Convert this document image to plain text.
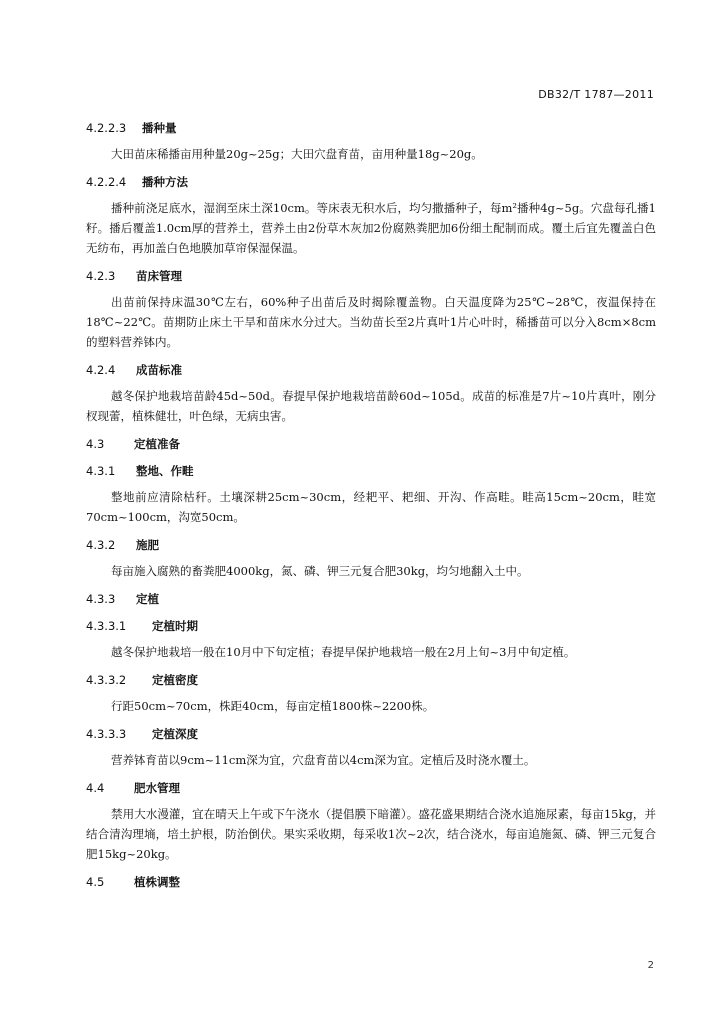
DB32/T 1787—2011
4.2.2.3 播种量
大田苗床稀播亩用种量20g~25g；大田穴盘育苗，亩用种量18g~20g。
4.2.2.4 播种方法
播种前浇足底水，湿润至床土深10cm。等床表无积水后，均匀撒播种子，每m²播种4g~5g。穴盘每孔播1籽。播后覆盖1.0cm厚的营养土，营养土由2份草木灰加2份腐熟粪肥加6份细土配制而成。覆土后宜先覆盖白色无纺布，再加盖白色地膜加草帘保湿保温。
4.2.3 苗床管理
出苗前保持床温30℃左右，60%种子出苗后及时揭除覆盖物。白天温度降为25℃~28℃，夜温保持在18℃~22℃。苗期防止床土干旱和苗床水分过大。当幼苗长至2片真叶1片心叶时，稀播苗可以分入8cm×8cm的塑料营养钵内。
4.2.4 成苗标准
越冬保护地栽培苗龄45d~50d。春提早保护地栽培苗龄60d~105d。成苗的标准是7片~10片真叶，刚分杈现蕾，植株健壮，叶色绿，无病虫害。
4.3	定植准备
4.3.1 整地、作畦
整地前应清除枯秆。土壤深耕25cm~30cm，经耙平、耙细、开沟、作高畦。畦高15cm~20cm，畦宽70cm~100cm，沟宽50cm。
4.3.2 施肥
每亩施入腐熟的畜粪肥4000kg，氮、磷、钾三元复合肥30kg，均匀地翻入土中。
4.3.3 定植
4.3.3.1 定植时期
越冬保护地栽培一般在10月中下旬定植；春提早保护地栽培一般在2月上旬~3月中旬定植。
4.3.3.2 定植密度
行距50cm~70cm，株距40cm，每亩定植1800株~2200株。
4.3.3.3 定植深度
营养钵育苗以9cm~11cm深为宜，穴盘育苗以4cm深为宜。定植后及时浇水覆土。
4.4	肥水管理
禁用大水漫灌，宜在晴天上午或下午浇水（提倡膜下暗灌）。盛花盛果期结合浇水追施尿素，每亩15kg，并结合清沟理墒，培土护根，防治倒伏。果实采收期，每采收1次~2次，结合浇水，每亩追施氮、磷、钾三元复合肥15kg~20kg。
4.5	植株调整
2
